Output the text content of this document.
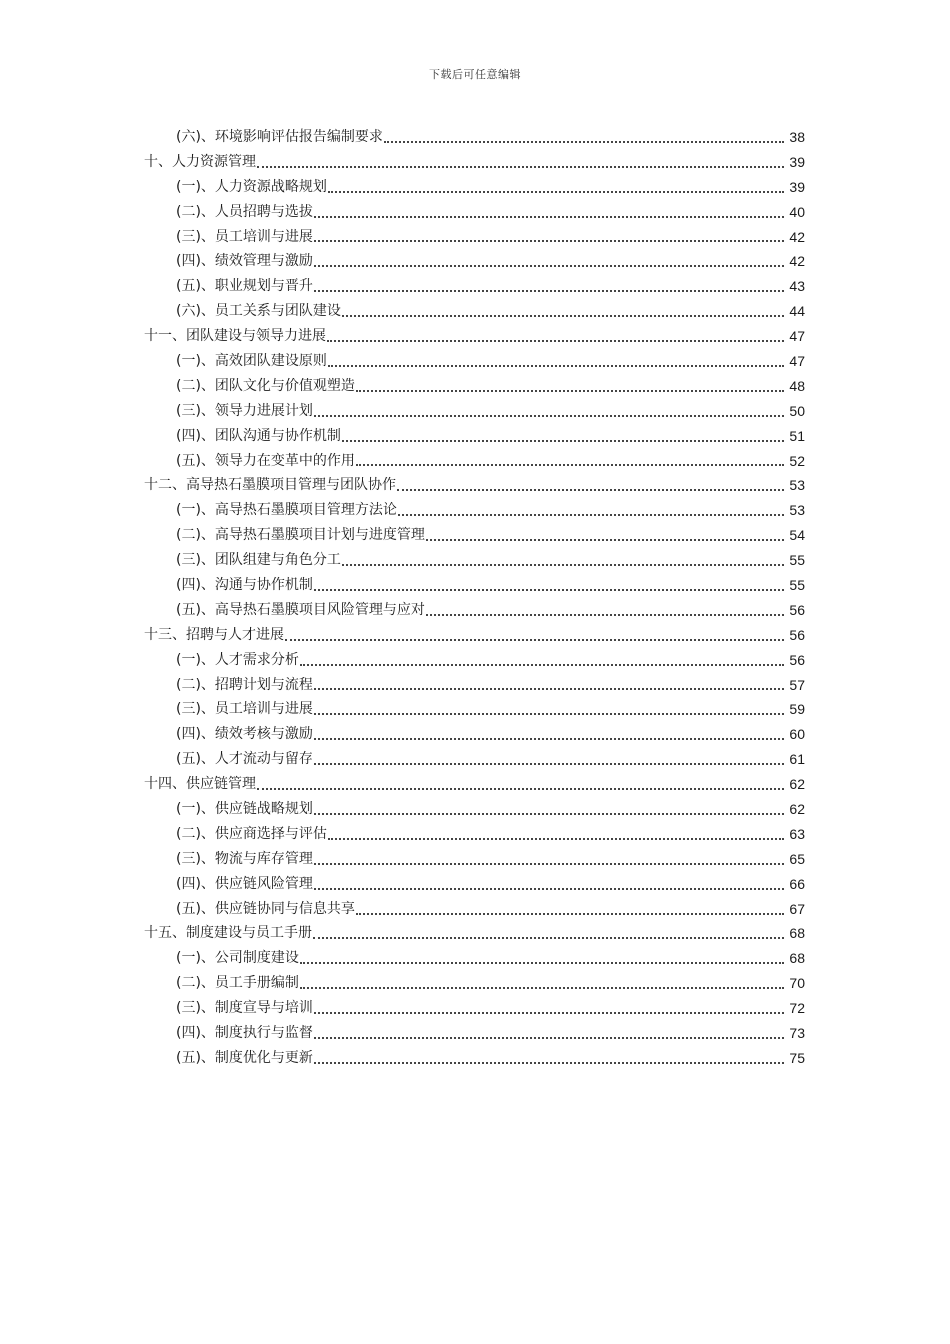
下载后可任意编辑
(六)、环境影响评估报告编制要求	38
十、人力资源管理	39
(一)、人力资源战略规划	39
(二)、人员招聘与选拔	40
(三)、员工培训与进展	42
(四)、绩效管理与激励	42
(五)、职业规划与晋升	43
(六)、员工关系与团队建设	44
十一、团队建设与领导力进展	47
(一)、高效团队建设原则	47
(二)、团队文化与价值观塑造	48
(三)、领导力进展计划	50
(四)、团队沟通与协作机制	51
(五)、领导力在变革中的作用	52
十二、高导热石墨膜项目管理与团队协作	53
(一)、高导热石墨膜项目管理方法论	53
(二)、高导热石墨膜项目计划与进度管理	54
(三)、团队组建与角色分工	55
(四)、沟通与协作机制	55
(五)、高导热石墨膜项目风险管理与应对	56
十三、招聘与人才进展	56
(一)、人才需求分析	56
(二)、招聘计划与流程	57
(三)、员工培训与进展	59
(四)、绩效考核与激励	60
(五)、人才流动与留存	61
十四、供应链管理	62
(一)、供应链战略规划	62
(二)、供应商选择与评估	63
(三)、物流与库存管理	65
(四)、供应链风险管理	66
(五)、供应链协同与信息共享	67
十五、制度建设与员工手册	68
(一)、公司制度建设	68
(二)、员工手册编制	70
(三)、制度宣导与培训	72
(四)、制度执行与监督	73
(五)、制度优化与更新	75
